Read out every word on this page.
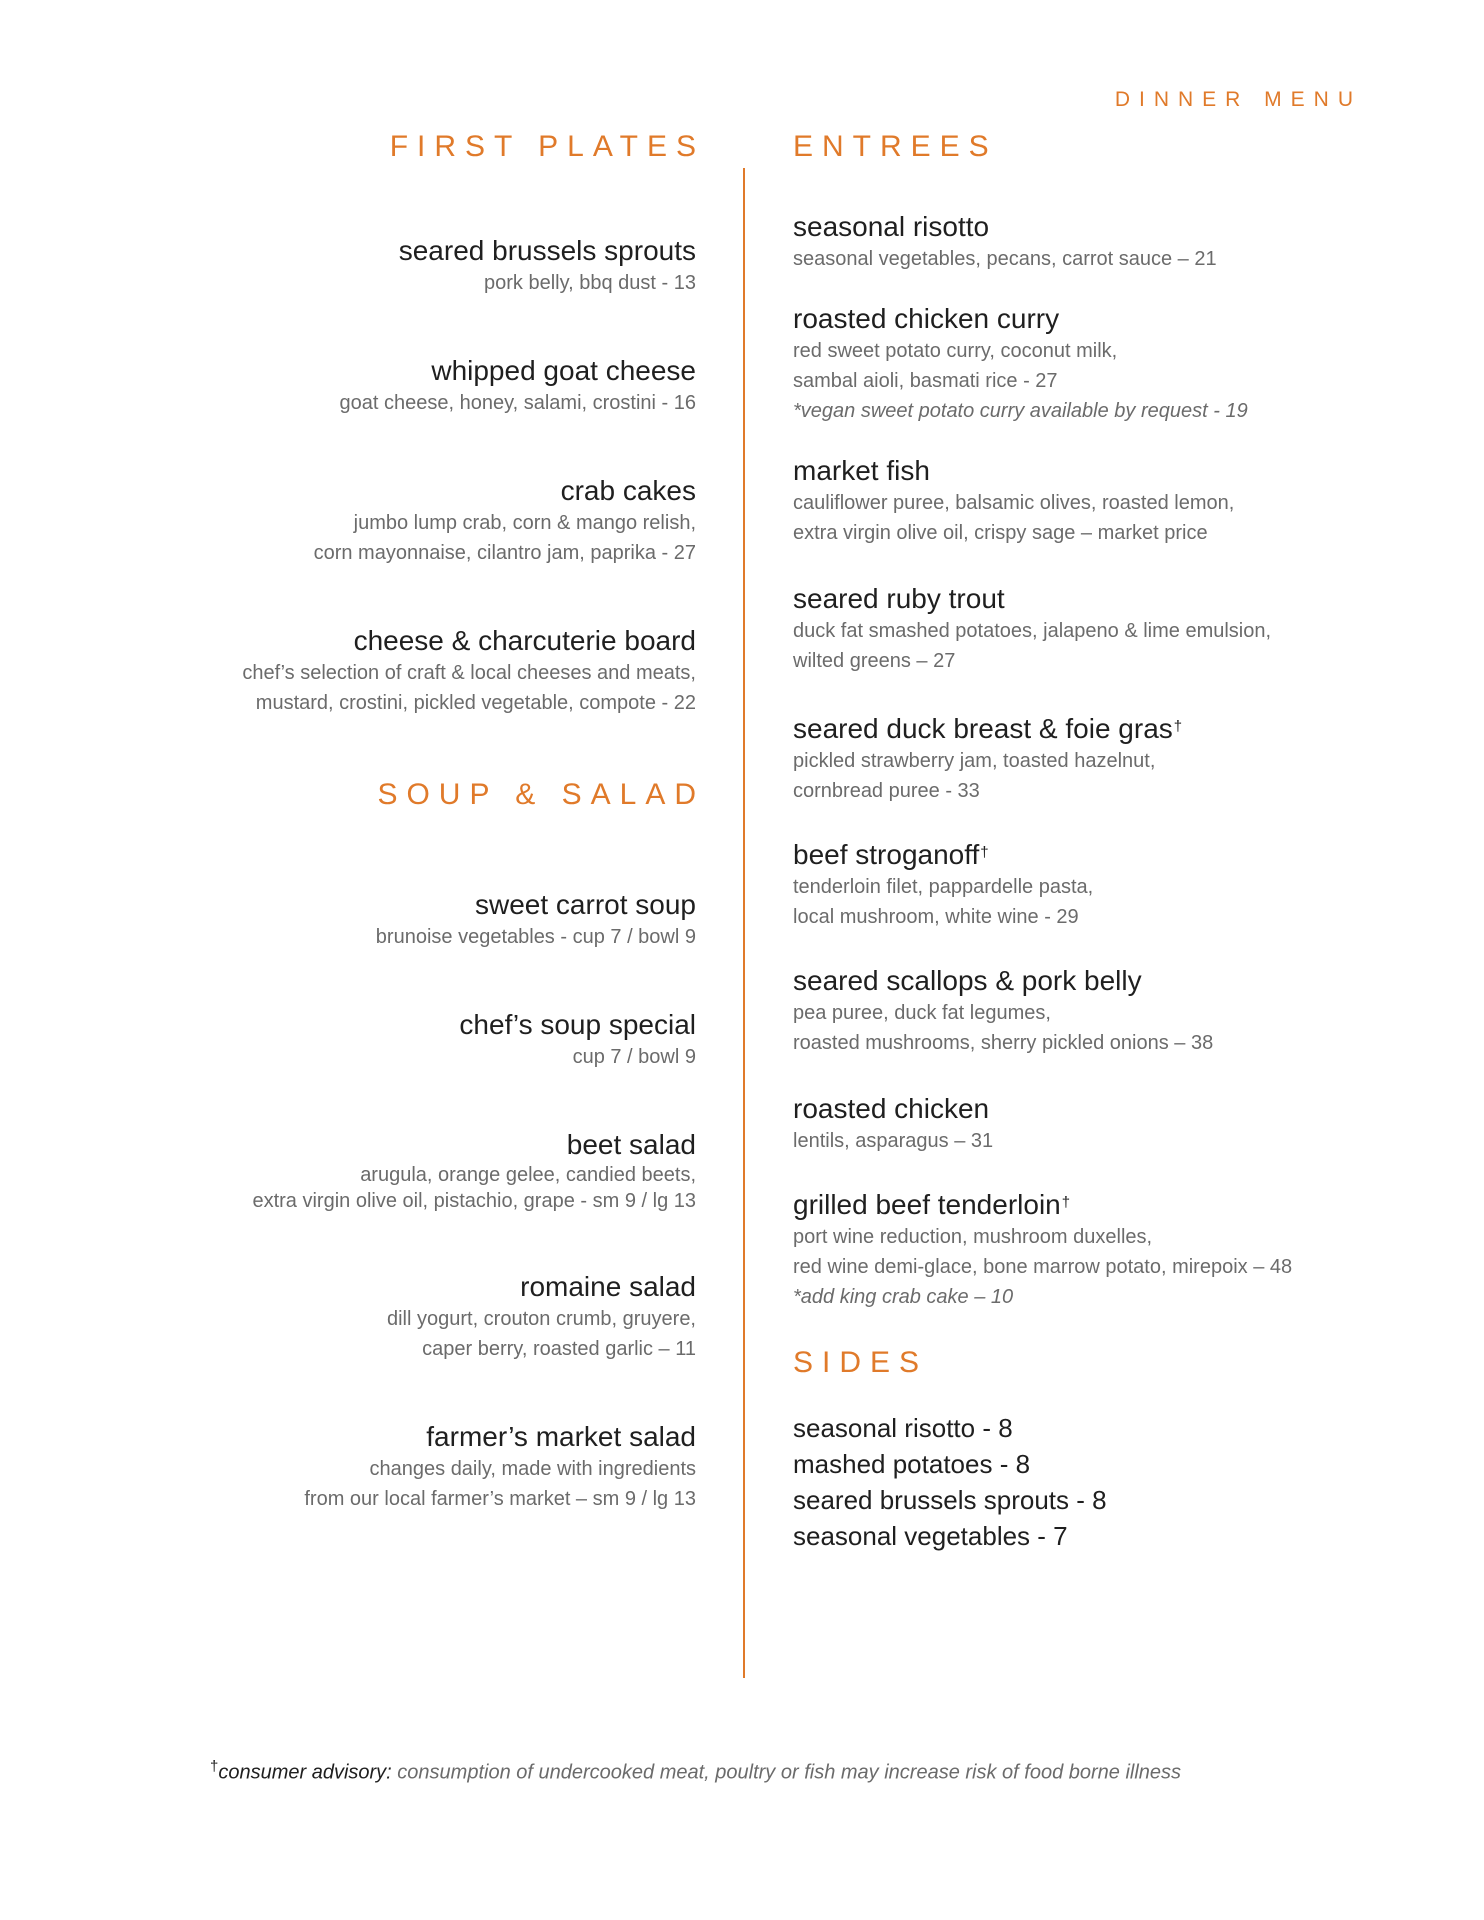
DINNER MENU
FIRST PLATES
seared brussels sprouts
pork belly, bbq dust - 13
whipped goat cheese
goat cheese, honey, salami, crostini - 16
crab cakes
jumbo lump crab, corn & mango relish,
corn mayonnaise, cilantro jam, paprika - 27
cheese & charcuterie board
chef’s selection of craft & local cheeses and meats,
mustard, crostini, pickled vegetable, compote - 22
SOUP & SALAD
sweet carrot soup
brunoise vegetables - cup 7 / bowl 9
chef’s soup special
cup 7 / bowl 9
beet salad
arugula, orange gelee, candied beets,
extra virgin olive oil, pistachio, grape - sm 9 / lg 13
romaine salad
dill yogurt, crouton crumb, gruyere,
caper berry, roasted garlic – 11
farmer’s market salad
changes daily, made with ingredients
from our local farmer’s market – sm 9 / lg 13
ENTREES
seasonal risotto
seasonal vegetables, pecans, carrot sauce – 21
roasted chicken curry
red sweet potato curry, coconut milk,
sambal aioli, basmati rice - 27
*vegan sweet potato curry available by request - 19
market fish
cauliflower puree, balsamic olives, roasted lemon,
extra virgin olive oil, crispy sage – market price
seared ruby trout
duck fat smashed potatoes, jalapeno & lime emulsion,
wilted greens – 27
seared duck breast & foie gras†
pickled strawberry jam, toasted hazelnut,
cornbread puree - 33
beef stroganoff†
tenderloin filet, pappardelle pasta,
local mushroom, white wine - 29
seared scallops & pork belly
pea puree, duck fat legumes,
roasted mushrooms, sherry pickled onions – 38
roasted chicken
lentils, asparagus – 31
grilled beef tenderloin†
port wine reduction, mushroom duxelles,
red wine demi-glace, bone marrow potato, mirepoix – 48
*add king crab cake – 10
SIDES
seasonal risotto - 8
mashed potatoes - 8
seared brussels sprouts - 8
seasonal vegetables - 7
†consumer advisory: consumption of undercooked meat, poultry or fish may increase risk of food borne illness
